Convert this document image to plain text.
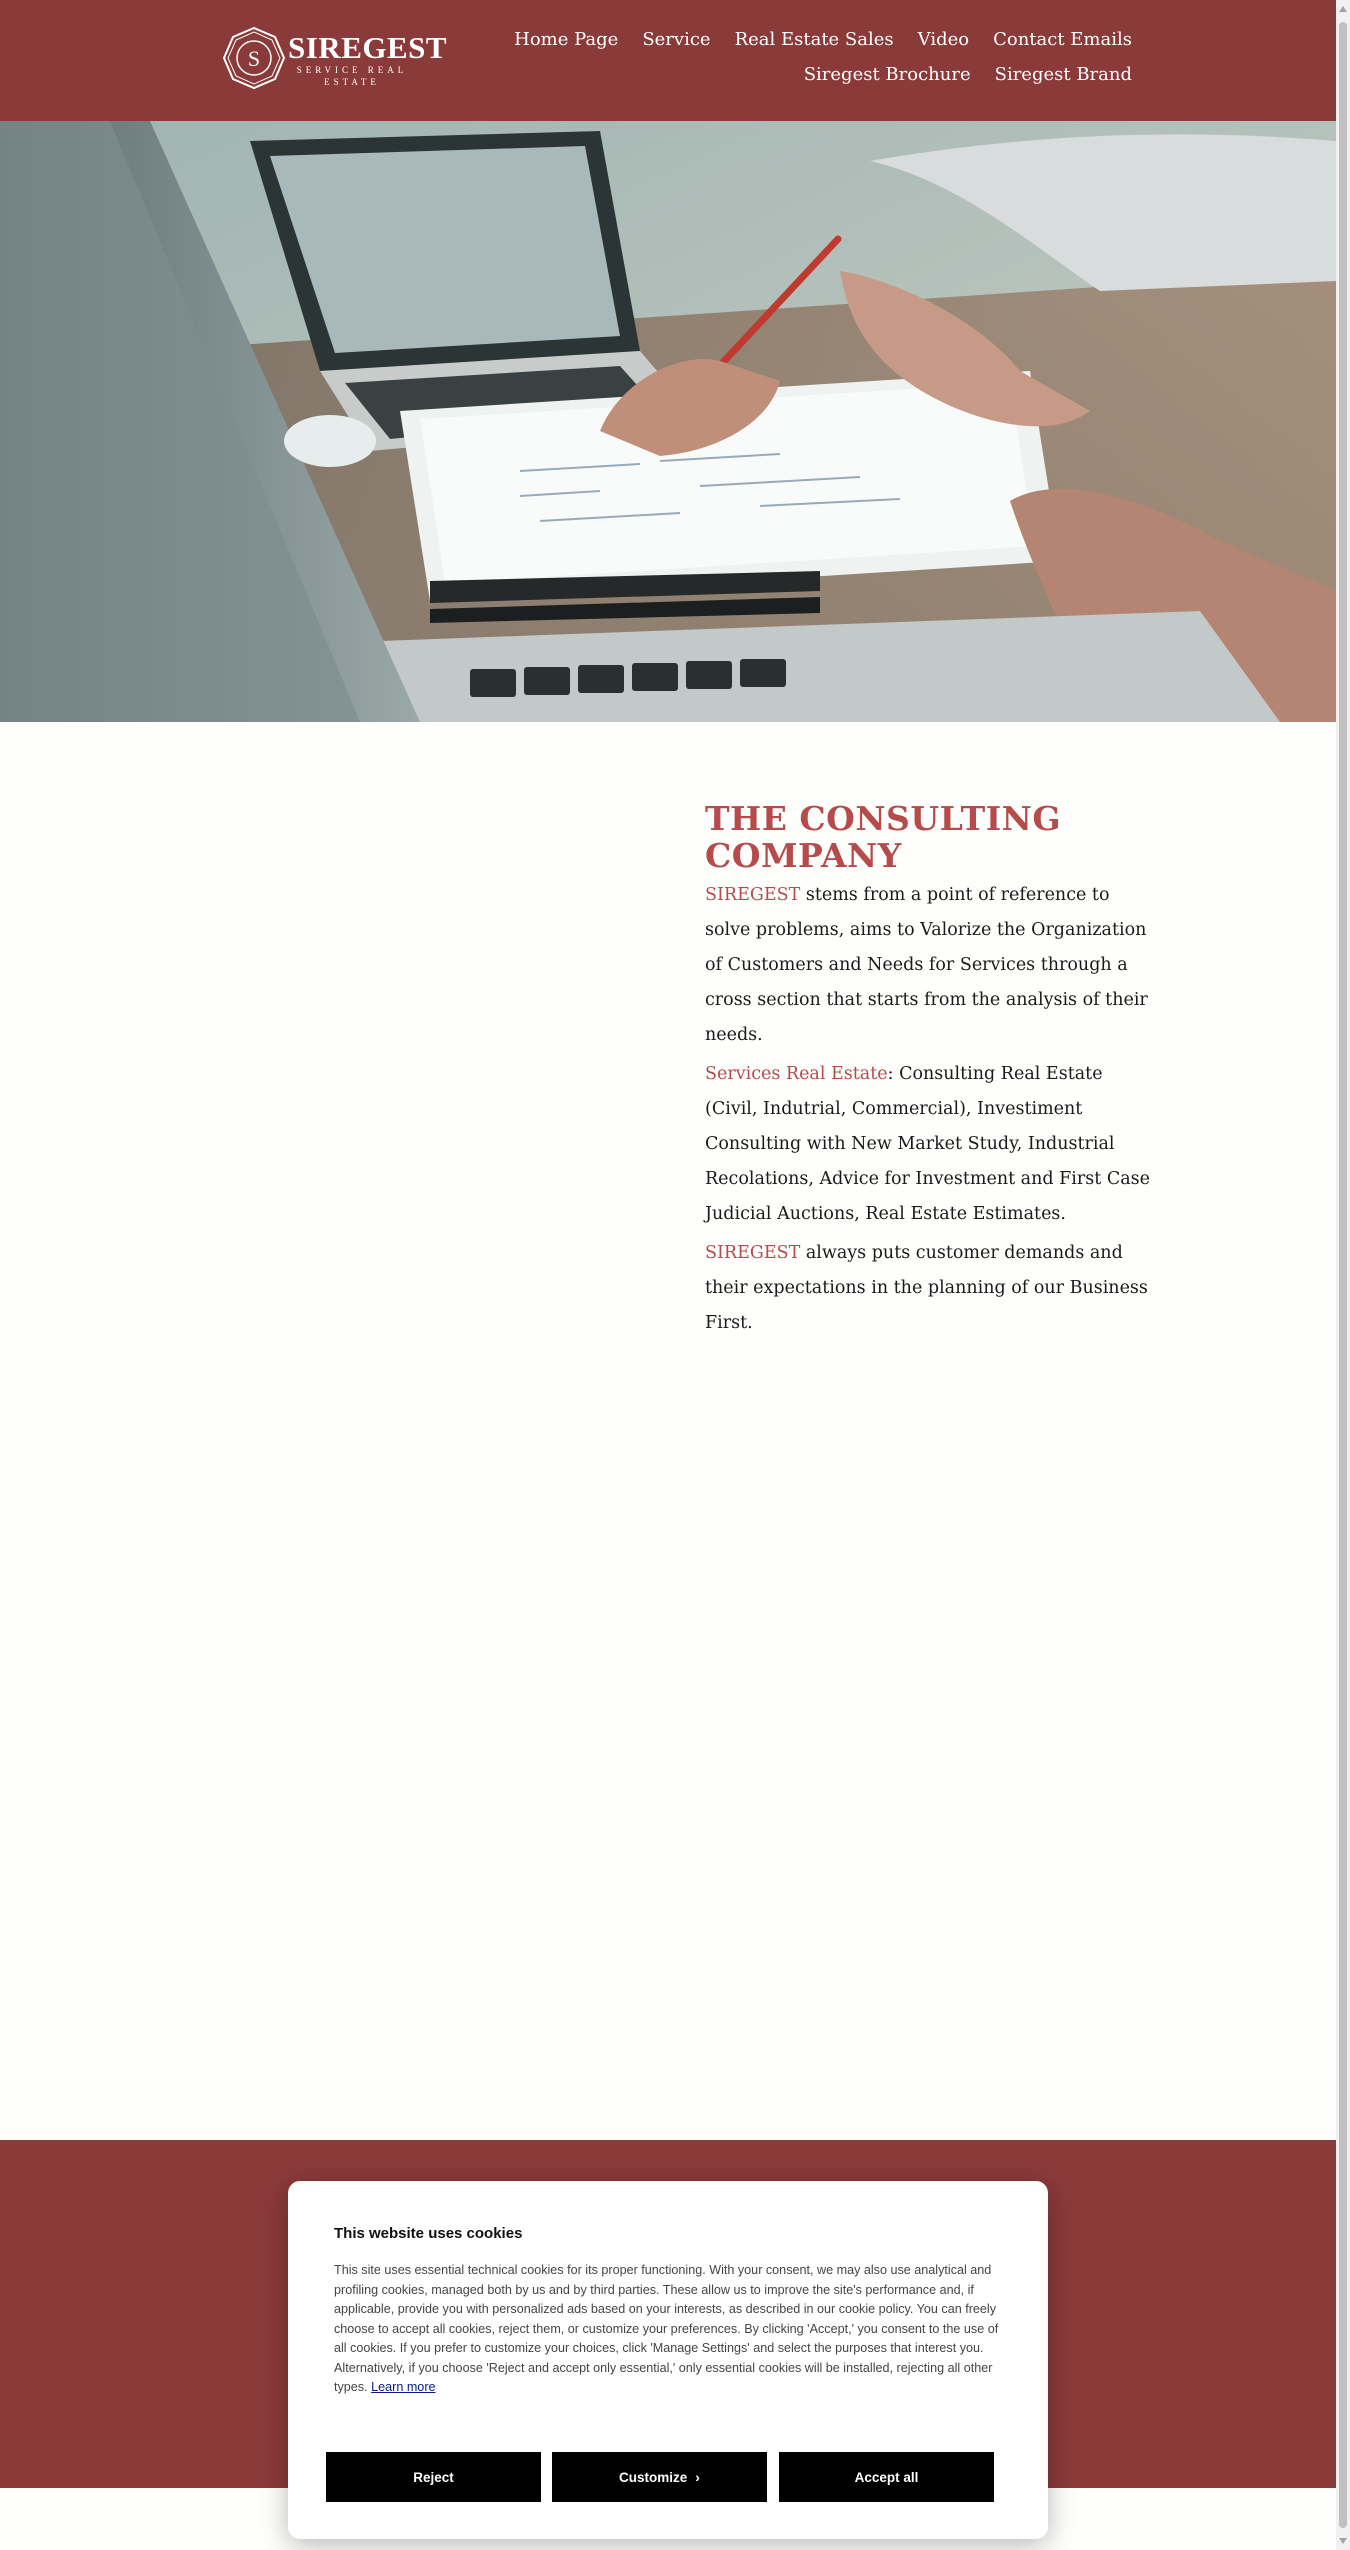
S SIREGEST
SERVICE REAL ESTATE
Home Page Service Real Estate Sales Video Contact Emails
Siregest Brochure Siregest Brand
THE CONSULTING COMPANY

SIREGEST stems from a point of reference to solve problems, aims to Valorize the Organization of Customers and Needs for Services through a cross section that starts from the analysis of their needs.

Services Real Estate: Consulting Real Estate (Civil, Indutrial, Commercial), Investiment Consulting with New Market Study, Industrial Recolations, Advice for Investment and First Case Judicial Auctions, Real Estate Estimates.

SIREGEST always puts customer demands and their expectations in the planning of our Business First.

This website uses cookies

This site uses essential technical cookies for its proper functioning. With your consent, we may also use analytical and profiling cookies, managed both by us and by third parties. These allow us to improve the site's performance and, if applicable, provide you with personalized ads based on your interests, as described in our cookie policy. You can freely choose to accept all cookies, reject them, or customize your preferences. By clicking 'Accept,' you consent to the use of all cookies. If you prefer to customize your choices, click 'Manage Settings' and select the purposes that interest you. Alternatively, if you choose 'Reject and accept only essential,' only essential cookies will be installed, rejecting all other types. Learn more

Reject	Customize ›	Accept all
